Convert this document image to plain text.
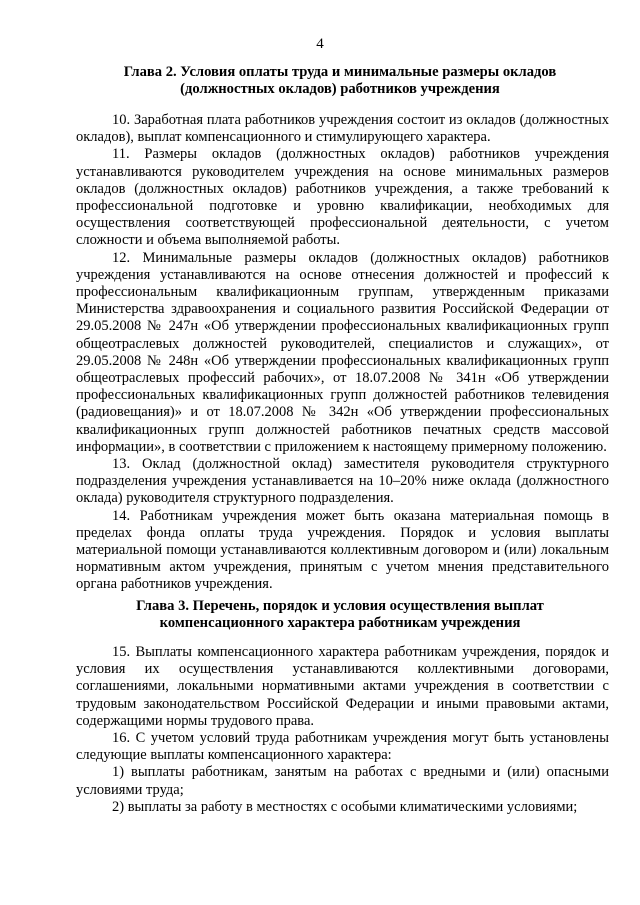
4
Глава 2. Условия оплаты труда и минимальные размеры окладов
(должностных окладов) работников учреждения

10. Заработная плата работников учреждения состоит из окладов (должностных окладов), выплат компенсационного и стимулирующего характера.

11. Размеры окладов (должностных окладов) работников учреждения устанавливаются руководителем учреждения на основе минимальных размеров окладов (должностных окладов) работников учреждения, а также требований к профессиональной подготовке и уровню квалификации, необходимых для осуществления соответствующей профессиональной деятельности, с учетом сложности и объема выполняемой работы.

12. Минимальные размеры окладов (должностных окладов) работников учреждения устанавливаются на основе отнесения должностей и профессий к профессиональным квалификационным группам, утвержденным приказами Министерства здравоохранения и социального развития Российской Федерации от 29.05.2008 № 247н «Об утверждении профессиональных квалификационных групп общеотраслевых должностей руководителей, специалистов и служащих», от 29.05.2008 № 248н «Об утверждении профессиональных квалификационных групп общеотраслевых профессий рабочих», от 18.07.2008 № 341н «Об утверждении профессиональных квалификационных групп должностей работников телевидения (радиовещания)» и от 18.07.2008 № 342н «Об утверждении профессиональных квалификационных групп должностей работников печатных средств массовой информации», в соответствии с приложением к настоящему примерному положению.

13. Оклад (должностной оклад) заместителя руководителя структурного подразделения учреждения устанавливается на 10–20% ниже оклада (должностного оклада) руководителя структурного подразделения.

14. Работникам учреждения может быть оказана материальная помощь в пределах фонда оплаты труда учреждения. Порядок и условия выплаты материальной помощи устанавливаются коллективным договором и (или) локальным нормативным актом учреждения, принятым с учетом мнения представительного органа работников учреждения.

Глава 3. Перечень, порядок и условия осуществления выплат
компенсационного характера работникам учреждения

15. Выплаты компенсационного характера работникам учреждения, порядок и условия их осуществления устанавливаются коллективными договорами, соглашениями, локальными нормативными актами учреждения в соответствии с трудовым законодательством Российской Федерации и иными правовыми актами, содержащими нормы трудового права.

16. С учетом условий труда работникам учреждения могут быть установлены следующие выплаты компенсационного характера:

1) выплаты работникам, занятым на работах с вредными и (или) опасными условиями труда;

2) выплаты за работу в местностях с особыми климатическими условиями;
